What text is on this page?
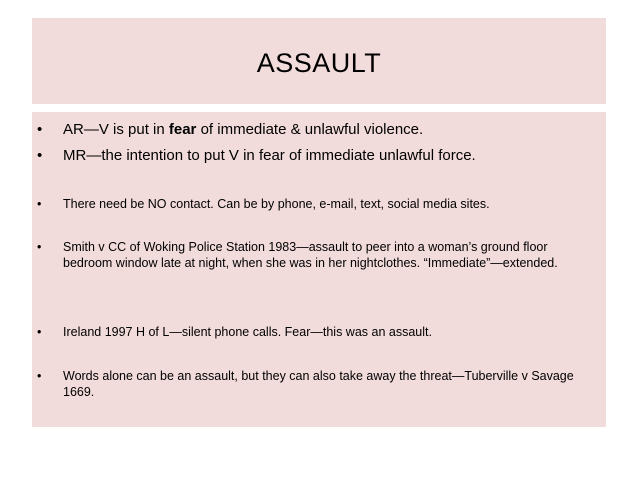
ASSAULT
• AR—V is put in fear of immediate & unlawful violence.
• MR—the intention to put V in fear of immediate unlawful force.
• There need be NO contact. Can be by phone, e-mail, text, social media sites.
• Smith v CC of Woking Police Station 1983—assault to peer into a woman’s ground floor bedroom window late at night, when she was in her nightclothes. “Immediate”—extended.
• Ireland 1997 H of L—silent phone calls. Fear—this was an assault.
• Words alone can be an assault, but they can also take away the threat—Tuberville v Savage 1669.
